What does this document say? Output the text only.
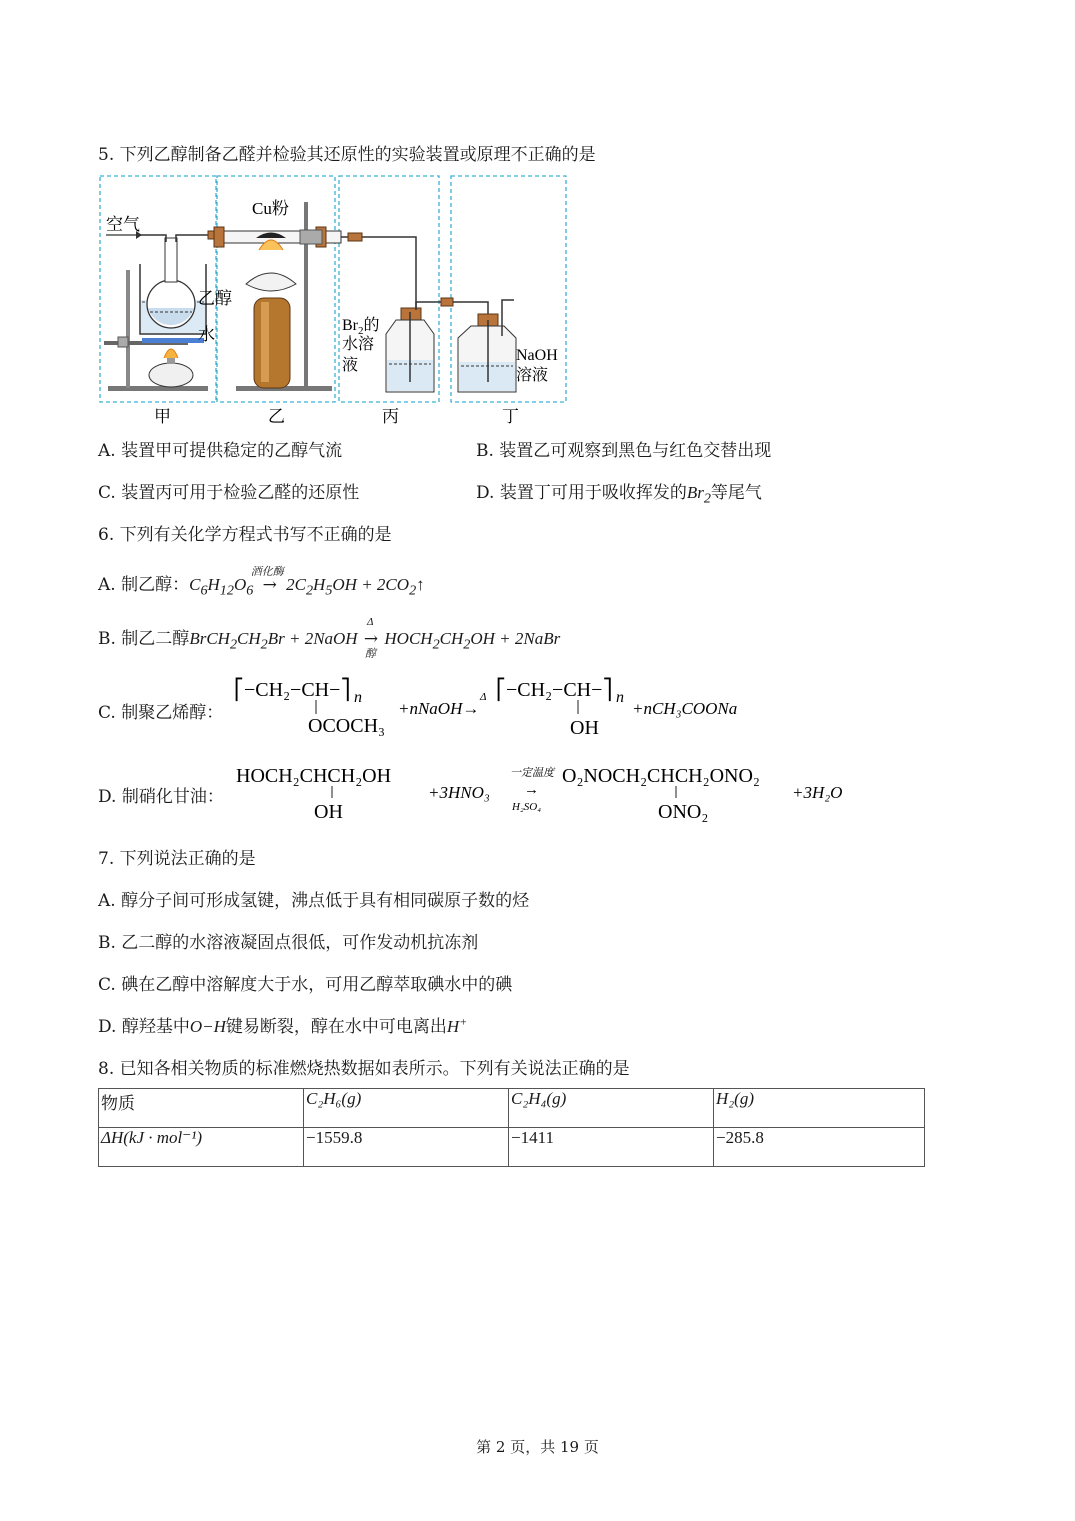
5. 下列乙醇制备乙醛并检验其还原性的实验装置或原理不正确的是
空气
Cu粉
乙醇
水	$Br_2$的
水溶
液
NaOH
溶液
甲	乙	丙	丁
A. 装置甲可提供稳定的乙醇气流	B. 装置乙可观察到黑色与红色交替出现
C. 装置丙可用于检验乙醛的还原性	D. 装置丁可用于吸收挥发的$Br_2$等尾气
6. 下列有关化学方程式书写不正确的是
A. 制乙醇：$C_6H_{12}O_6$
酒化酶
→ $2C_2H_5OH$ + $2CO_2↑$
B. 制乙二醇$BrCH_2CH_2Br$ + 2NaOH
Δ
→
醇
$HOCH_2CH_2OH$ + 2NaBr
C. 制聚乙烯醇：
⎡−CH₂−CH−⎤ n
OCOCH₃
+nNaOH→
Δ ⎡−CH₂−CH−⎤ n
OH
+nCH₃COONa
D. 制硝化甘油：
HOCH₂CHCH₂OH
OH
+3HNO₃
一定温度
→
H₂SO₄
O₂NOCH₂CHCH₂ONO₂
ONO₂
+3H₂O
7. 下列说法正确的是
A. 醇分子间可形成氢键，沸点低于具有相同碳原子数的烃
B. 乙二醇的水溶液凝固点很低，可作发动机抗冻剂
C. 碘在乙醇中溶解度大于水，可用乙醇萃取碘水中的碘
D. 醇羟基中O−H键易断裂，醇在水中可电离出H+
8. 已知各相关物质的标准燃烧热数据如表所示。下列有关说法正确的是
物质	C₂H₆(g)	C₂H₄(g)	H₂(g)
ΔH(kJ · mol⁻¹)	−1559.8	−1411	−285.8
第 2 页，共 19 页
